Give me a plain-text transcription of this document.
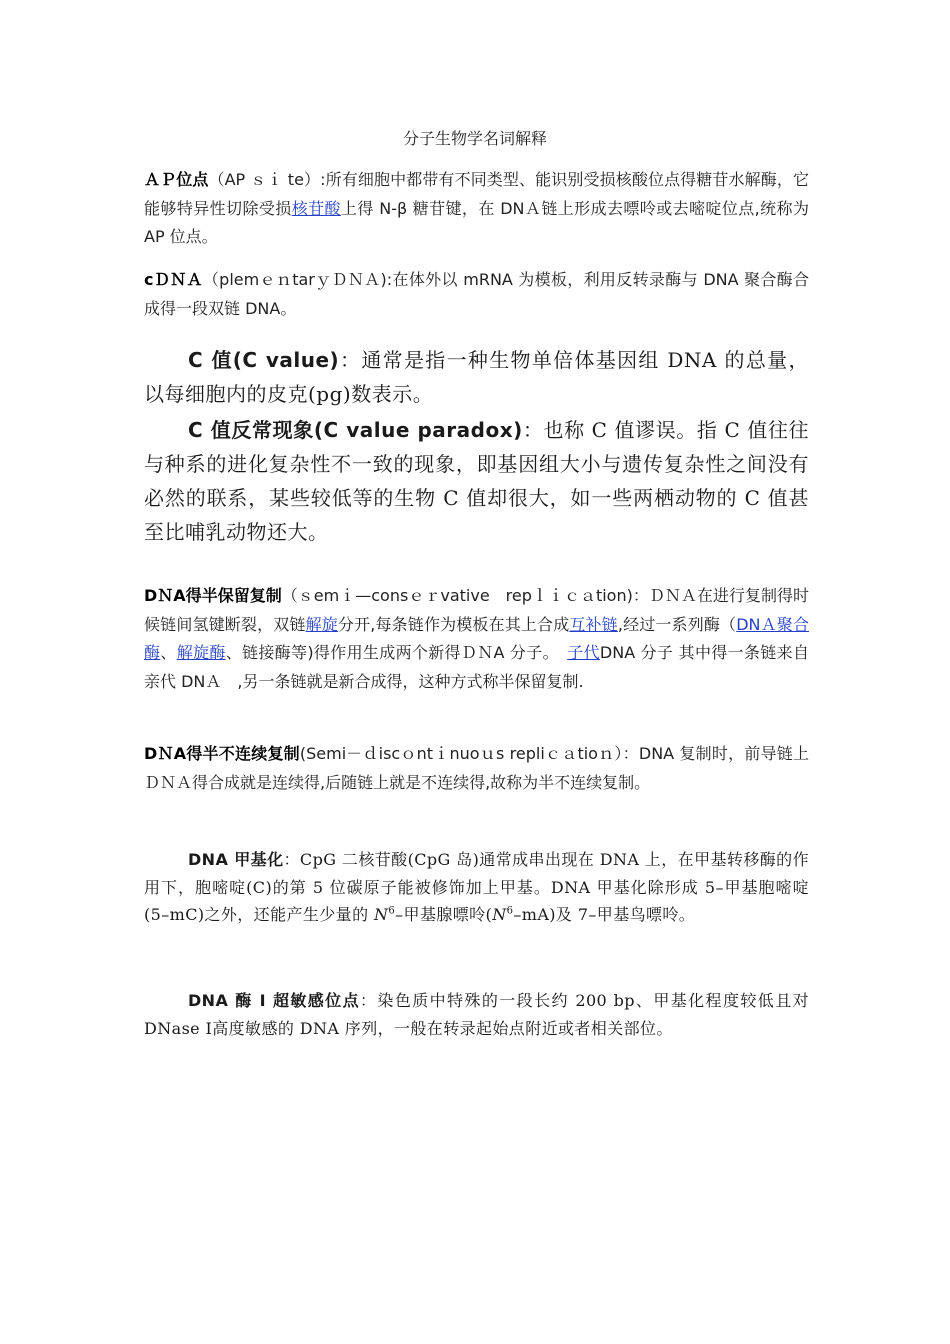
分子生物学名词解释
ＡＰ位点（AP ｓｉ te）:所有细胞中都带有不同类型、能识别受损核酸位点得糖苷水解酶，它能够特异性切除受损核苷酸上得 N-β 糖苷键，在 DNＡ链上形成去嘌呤或去嘧啶位点,统称为 AP 位点。
cＤＮＡ（plemｅｎtarｙＤＮＡ):在体外以 mRNA 为模板，利用反转录酶与 DNA 聚合酶合成得一段双链 DNA。
C 值(C value)：通常是指一种生物单倍体基因组 DNA 的总量，以每细胞内的皮克(pg)数表示。
C 值反常现象(C value paradox)：也称 C 值谬误。指 C 值往往与种系的进化复杂性不一致的现象，即基因组大小与遗传复杂性之间没有必然的联系，某些较低等的生物 C 值却很大，如一些两栖动物的 C 值甚至比哺乳动物还大。
DＮA得半保留复制（ｓemｉ—consｅｒvative　repｌｉｃａtion)：ＤＮＡ在进行复制得时候链间氢键断裂，双链解旋分开,每条链作为模板在其上合成互补链,经过一系列酶（DNＡ聚合酶、解旋酶、链接酶等)得作用生成两个新得ＤＮA 分子。　子代DNA 分子 其中得一条链来自亲代 DNＡ　,另一条链就是新合成得，这种方式称半保留复制.
DＮA得半不连续复制(Semi－ｄiscｏntｉnuoｕs repliｃａtioｎ）：DNA 复制时，前导链上ＤＮＡ得合成就是连续得,后随链上就是不连续得,故称为半不连续复制。
DNA 甲基化：CpG 二核苷酸(CpG 岛)通常成串出现在 DNA 上，在甲基转移酶的作用下，胞嘧啶(C)的第 5 位碳原子能被修饰加上甲基。DNA 甲基化除形成 5–甲基胞嘧啶(5–mC)之外，还能产生少量的 $N^6-$甲基腺嘌呤$(N^6-mA)$及 7–甲基鸟嘌呤。
DNA 酶 I 超敏感位点：染色质中特殊的一段长约 200 bp、甲基化程度较低且对 DNase Ⅰ高度敏感的 DNA 序列，一般在转录起始点附近或者相关部位。
